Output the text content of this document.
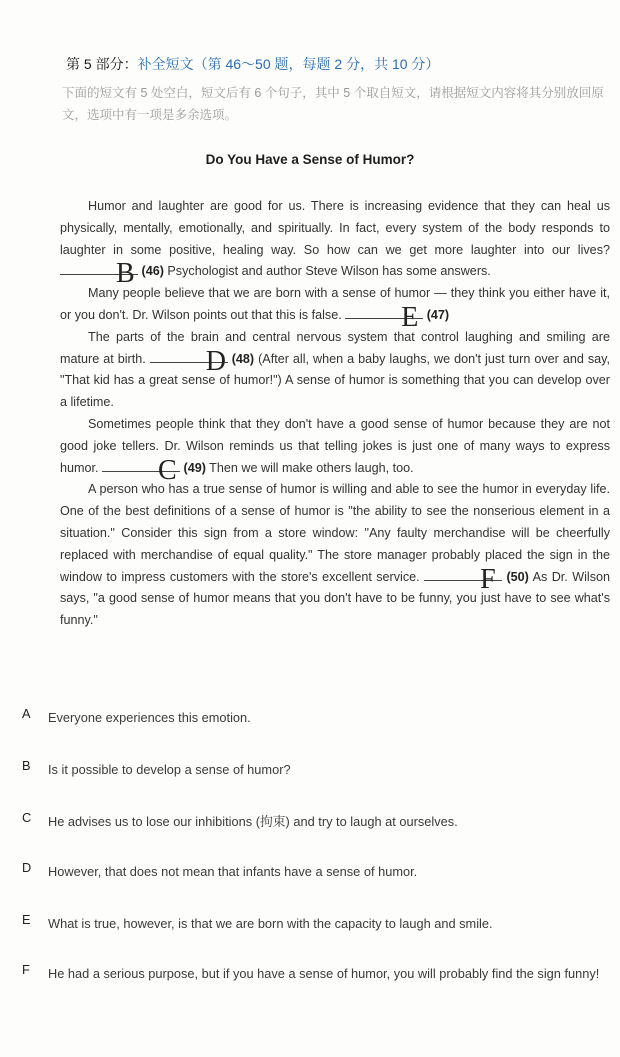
第 5 部分：补全短文（第 46～50 题，每题 2 分，共 10 分）
下面的短文有 5 处空白，短文后有 6 个句子，其中 5 个取自短文，请根据短文内容将其分别放回原文，选项中有一项是多余选项。
Do You Have a Sense of Humor?

Humor and laughter are good for us. There is increasing evidence that they can heal us physically, mentally, emotionally, and spiritually. In fact, every system of the body responds to laughter in some positive, healing way. So how can we get more laughter into our lives?
B (46) Psychologist and author Steve Wilson has some answers.

Many people believe that we are born with a sense of humor — they think you either have it, or you don't. Dr. Wilson points out that this is false.	E (47)

The parts of the brain and central nervous system that control laughing and smiling are mature at birth.	D (48) (After all, when a baby laughs, we don't just turn over and say, "That kid has a great sense of humor!") A sense of humor is something that you can develop over a lifetime.

Sometimes people think that they don't have a good sense of humor because they are not good joke tellers. Dr. Wilson reminds us that telling jokes is just one of many ways to express humor.	C (49) Then we will make others laugh, too.

A person who has a true sense of humor is willing and able to see the humor in everyday life. One of the best definitions of a sense of humor is "the ability to see the nonserious element in a situation." Consider this sign from a store window: "Any faulty merchandise will be cheerfully replaced with merchandise of equal quality." The store manager probably placed the sign in the window to impress customers with the store's excellent service.	F (50) As Dr. Wilson says, "a good sense of humor means that you don't have to be funny, you just have to see what's funny."

A	Everyone experiences this emotion.
B	Is it possible to develop a sense of humor?
C	He advises us to lose our inhibitions (拘束) and try to laugh at ourselves.
D	However, that does not mean that infants have a sense of humor.
E	What is true, however, is that we are born with the capacity to laugh and smile.
F	He had a serious purpose, but if you have a sense of humor, you will probably find the sign funny!
